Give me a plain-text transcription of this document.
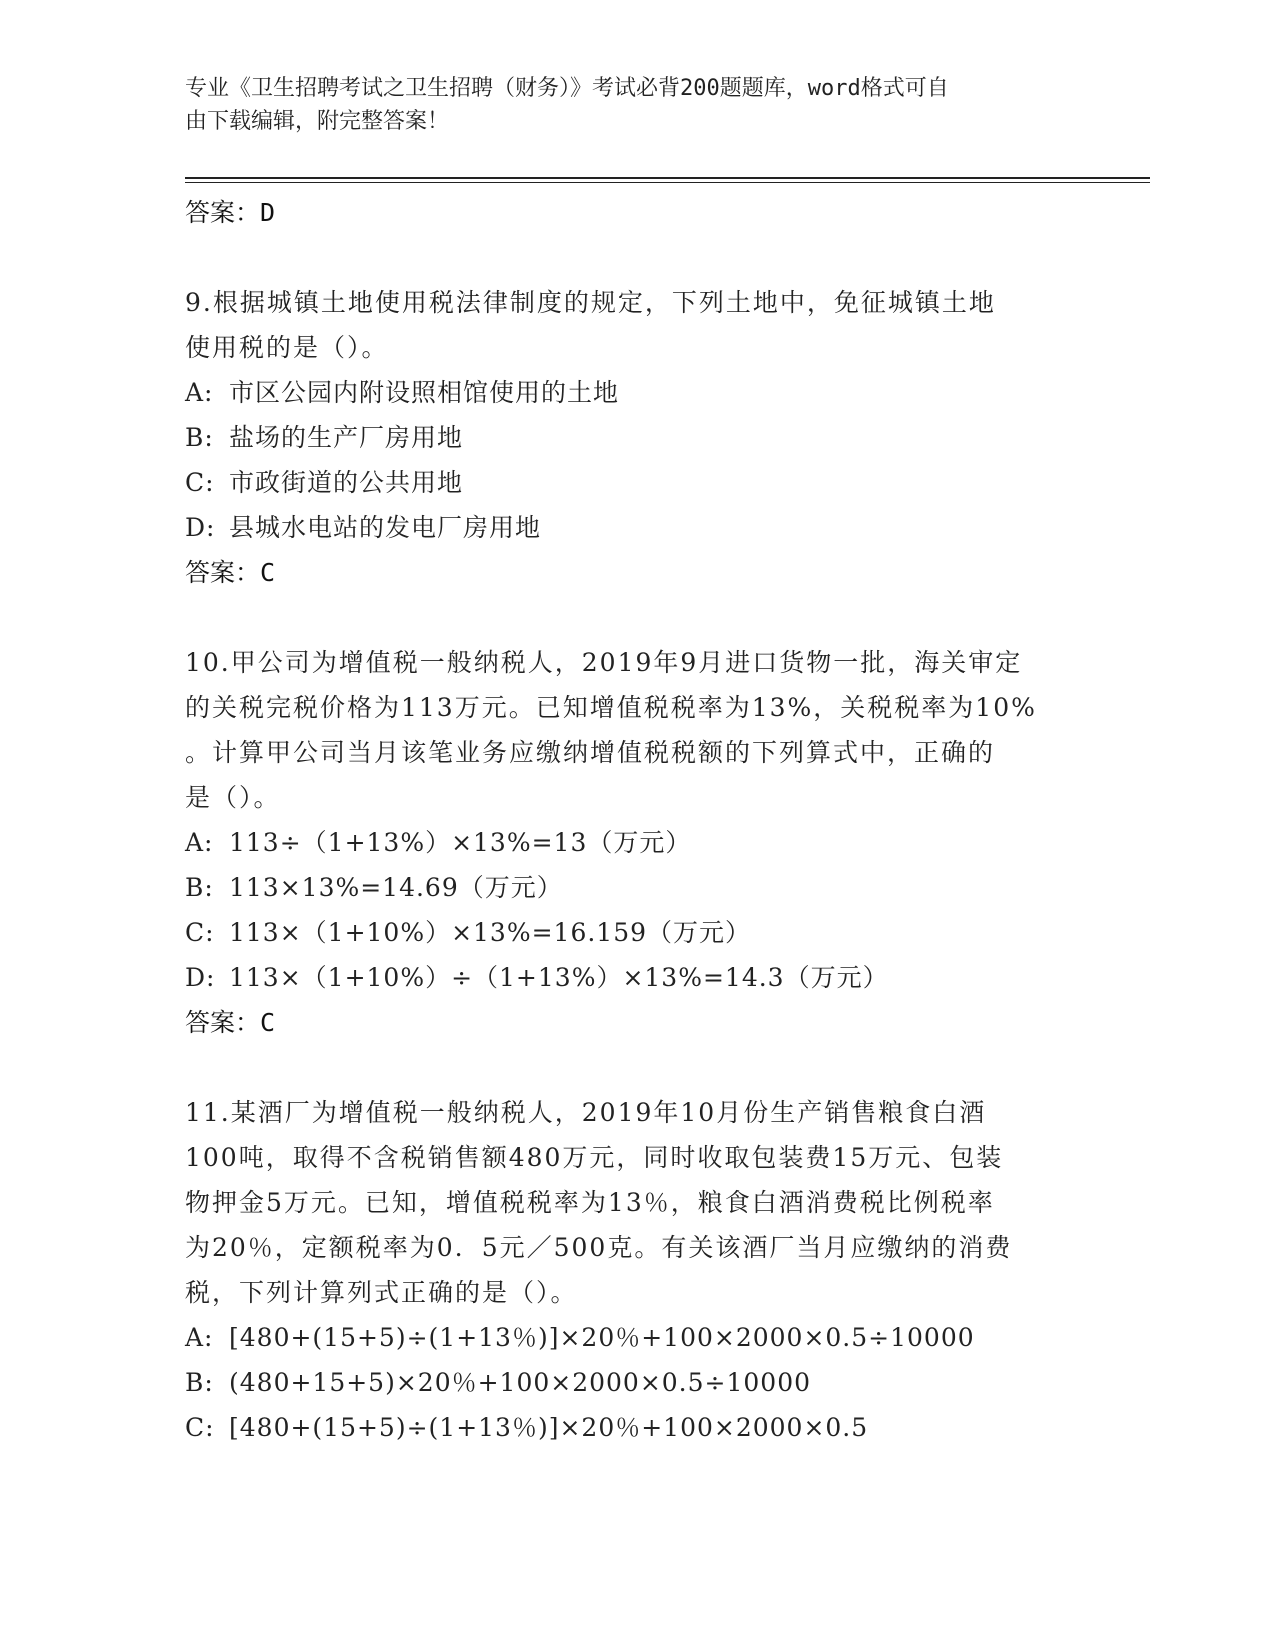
专业《卫生招聘考试之卫生招聘（财务）》考试必背200题题库，word格式可自
由下载编辑，附完整答案！
答案：D
9.根据城镇土地使用税法律制度的规定，下列土地中，免征城镇土地
使用税的是（）。
A: 市区公园内附设照相馆使用的土地
B: 盐场的生产厂房用地
C: 市政街道的公共用地
D: 县城水电站的发电厂房用地
答案：C
10.甲公司为增值税一般纳税人，2019年9月进口货物一批，海关审定
的关税完税价格为113万元。已知增值税税率为13%，关税税率为10%
。计算甲公司当月该笔业务应缴纳增值税税额的下列算式中，正确的
是（）。
A: 113÷（1+13%）×13%=13（万元）
B: 113×13%=14.69（万元）
C: 113×（1+10%）×13%=16.159（万元）
D: 113×（1+10%）÷（1+13%）×13%=14.3（万元）
答案：C
11.某酒厂为增值税一般纳税人，2019年10月份生产销售粮食白酒
100吨，取得不含税销售额480万元，同时收取包装费15万元、包装
物押金5万元。已知，增值税税率为13％，粮食白酒消费税比例税率
为20％，定额税率为0．5元／500克。有关该酒厂当月应缴纳的消费
税，下列计算列式正确的是（）。
A: [480+(15+5)÷(1+13％)]×20％+100×2000×0.5÷10000
B: (480+15+5)×20％+100×2000×0.5÷10000
C: [480+(15+5)÷(1+13％)]×20％+100×2000×0.5
